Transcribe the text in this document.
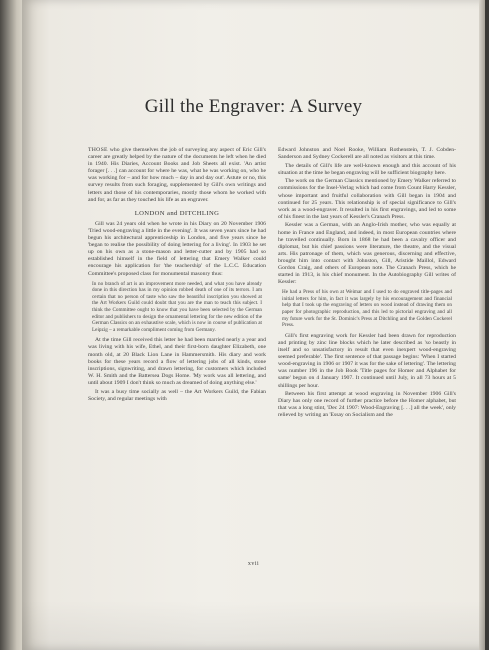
Gill the Engraver: A Survey

THOSE who give themselves the job of surveying any aspect of Eric Gill's career are greatly helped by the nature of the documents he left when he died in 1940. His Diaries, Account Books and Job Sheets all exist. 'An artist forager [. . .] can account for where he was, what he was working on, who he was working for – and for how much – day in and day out'. Astute or no, this survey results from such foraging, supplemented by Gill's own writings and letters and those of his contemporaries, mostly those whom he worked with and for, as far as they touched his life as an engraver.

LONDON and DITCHLING

Gill was 24 years old when he wrote in his Diary on 20 November 1906 'Tried wood-engraving a little in the evening'. It was seven years since he had begun his architectural apprenticeship in London, and five years since he 'began to realise the possibility of doing lettering for a living'. In 1903 he set up on his own as a stone-mason and letter-cutter and by 1905 had so established himself in the field of lettering that Emery Walker could encourage his application for 'the teachership' of the L.C.C. Education Committee's proposed class for monumental masonry thus:

In no branch of art is an improvement more needed, and what you have already done in this direction has in my opinion robbed death of one of its terrors. I am certain that no person of taste who saw the beautiful inscription you showed at the Art Workers Guild could doubt that you are the man to teach this subject. I think the Committee ought to know that you have been selected by the German editor and publishers to design the ornamental lettering for the new edition of the German Classics on an exhaustive scale, which is now in course of publication at Leipzig – a remarkable compliment coming from Germany.

At the time Gill received this letter he had been married nearly a year and was living with his wife, Ethel, and their first-born daughter Elizabeth, one month old, at 20 Black Lion Lane in Hammersmith. His diary and work books for these years record a flow of lettering jobs of all kinds, stone inscriptions, signwriting, and drawn lettering, for customers which included W. H. Smith and the Battersea Dogs Home. 'My work was all lettering, and until about 1909 I don't think so much as dreamed of doing anything else.'

It was a busy time socially as well – the Art Workers Guild, the Fabian Society, and regular meetings with

Edward Johnston and Noel Rooke, William Rothenstein, T. J. Cobden-Sanderson and Sydney Cockerell are all noted as visitors at this time.

The details of Gill's life are well-known enough and this account of his situation at the time he began engraving will be sufficient biography here.

The work on the German Classics mentioned by Emery Walker referred to commissions for the Insel-Verlag which had come from Count Harry Kessler, whose important and fruitful collaboration with Gill began in 1904 and continued for 25 years. This relationship is of special significance to Gill's work as a wood-engraver. It resulted in his first engravings, and led to some of his finest in the last years of Kessler's Cranach Press.

Kessler was a German, with an Anglo-Irish mother, who was equally at home in France and England, and indeed, in most European countries where he travelled continually. Born in 1868 he had been a cavalry officer and diplomat, but his chief passions were literature, the theatre, and the visual arts. His patronage of them, which was generous, discerning and effective, brought him into contact with Johnston, Gill, Aristide Maillol, Edward Gordon Craig, and others of European note. The Cranach Press, which he started in 1913, is his chief monument. In the Autobiography Gill writes of Kessler:

He had a Press of his own at Weimar and I used to do engraved title-pages and initial letters for him, in fact it was largely by his encouragement and financial help that I took up the engraving of letters on wood instead of drawing them on paper for photographic reproduction, and this led to pictorial engraving and all my future work for the St. Dominic's Press at Ditchling and the Golden Cockerel Press.

Gill's first engraving work for Kessler had been drawn for reproduction and printing by zinc line blocks which he later described as 'so beastly in itself and so unsatisfactory in result that even inexpert wood-engraving seemed preferable'. The first sentence of that passage begins: 'When I started wood-engraving in 1906 or 1907 it was for the sake of lettering'. The lettering was number 196 in the Job Book 'Title pages for Homer and Alphabet for same' begun on 4 January 1907. It continued until July, in all 73 hours at 5 shillings per hour.

Between his first attempt at wood engraving in November 1906 Gill's Diary has only one record of further practice before the Homer alphabet, but that was a long stint, 'Dec 24 1907: Wood-Engraving [. . .] all the week', only relieved by writing an 'Essay on Socialism and the

xvii
